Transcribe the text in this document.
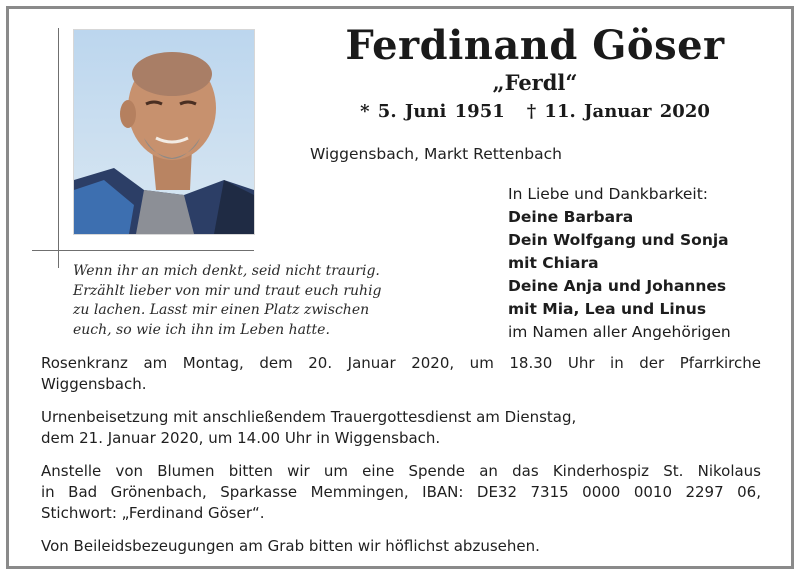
Ferdinand Göser
„Ferdl“
* 5. Juni 1951 † 11. Januar 2020
Wiggensbach, Markt Rettenbach
In Liebe und Dankbarkeit:
Deine Barbara
Dein Wolfgang und Sonja
mit Chiara
Deine Anja und Johannes
mit Mia, Lea und Linus
im Namen aller Angehörigen
Wenn ihr an mich denkt, seid nicht traurig.
Erzählt lieber von mir und traut euch ruhig
zu lachen. Lasst mir einen Platz zwischen
euch, so wie ich ihn im Leben hatte.

Rosenkranz am Montag, dem 20. Januar 2020, um 18.30 Uhr in der Pfarrkirche
Wiggensbach.

Urnenbeisetzung mit anschließendem Trauergottesdienst am Dienstag,
dem 21. Januar 2020, um 14.00 Uhr in Wiggensbach.

Anstelle von Blumen bitten wir um eine Spende an das Kinderhospiz St. Nikolaus
in Bad Grönenbach, Sparkasse Memmingen, IBAN: DE32 7315 0000 0010 2297 06,
Stichwort: „Ferdinand Göser“.

Von Beileidsbezeugungen am Grab bitten wir höflichst abzusehen.
